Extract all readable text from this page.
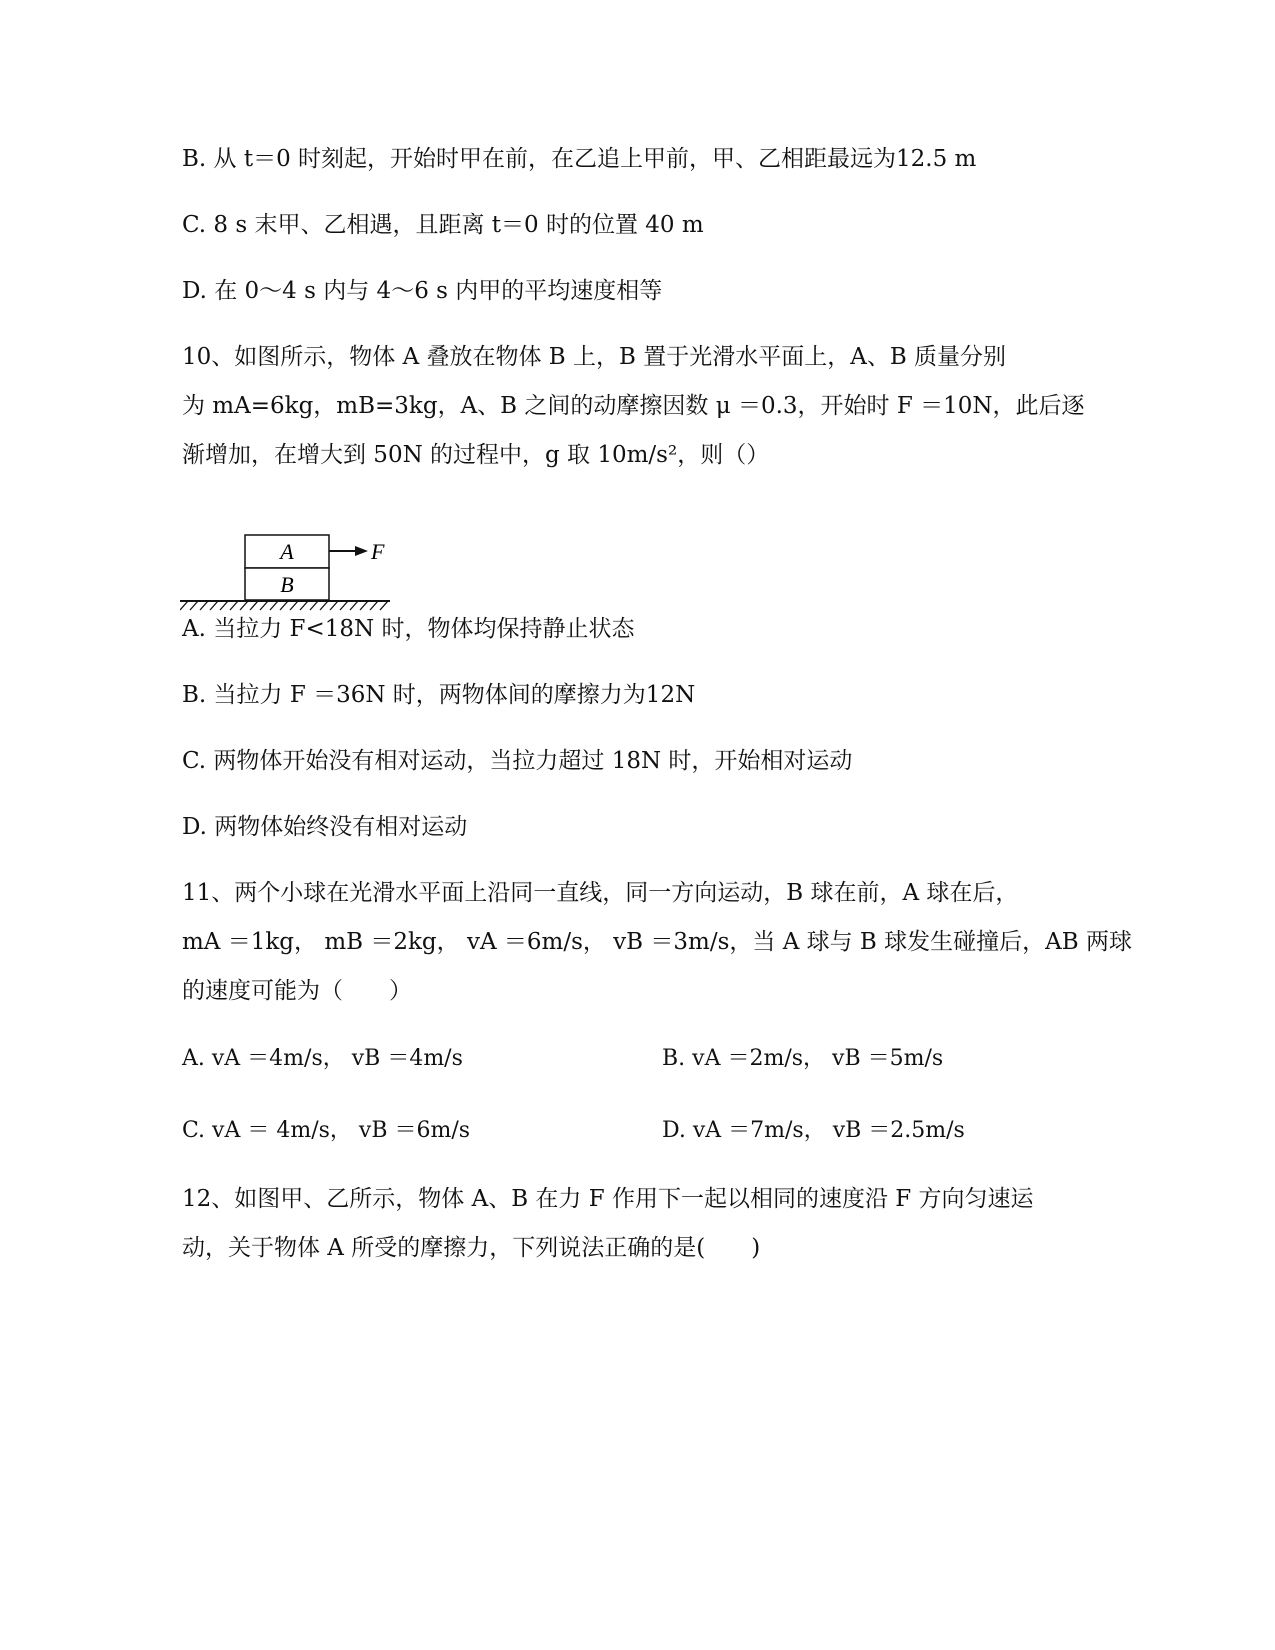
B. 从 t＝0 时刻起，开始时甲在前，在乙追上甲前，甲、乙相距最远为12.5 m
C. 8 s 末甲、乙相遇，且距离 t＝0 时的位置 40 m
D. 在 0～4 s 内与 4～6 s 内甲的平均速度相等
10、如图所示，物体 A 叠放在物体 B 上，B 置于光滑水平面上，A、B 质量分别
为 mA=6kg，mB=3kg，A、B 之间的动摩擦因数 μ ＝0.3，开始时 F ＝10N，此后逐
渐增加，在增大到 50N 的过程中，g 取 10m/s²，则（）
A
B
F
A. 当拉力 F<18N 时，物体均保持静止状态
B. 当拉力 F ＝36N 时，两物体间的摩擦力为12N
C. 两物体开始没有相对运动，当拉力超过 18N 时，开始相对运动
D. 两物体始终没有相对运动
11、两个小球在光滑水平面上沿同一直线，同一方向运动，B 球在前，A 球在后，
mA ＝1kg， mB ＝2kg， vA ＝6m/s， vB ＝3m/s，当 A 球与 B 球发生碰撞后，AB 两球
的速度可能为（　　）
A. vA ＝4m/s， vB ＝4m/s	B. vA ＝2m/s， vB ＝5m/s
C. vA ＝ 4m/s， vB ＝6m/s	D. vA ＝7m/s， vB ＝2.5m/s
12、如图甲、乙所示，物体 A、B 在力 F 作用下一起以相同的速度沿 F 方向匀速运
动，关于物体 A 所受的摩擦力，下列说法正确的是(　　)
